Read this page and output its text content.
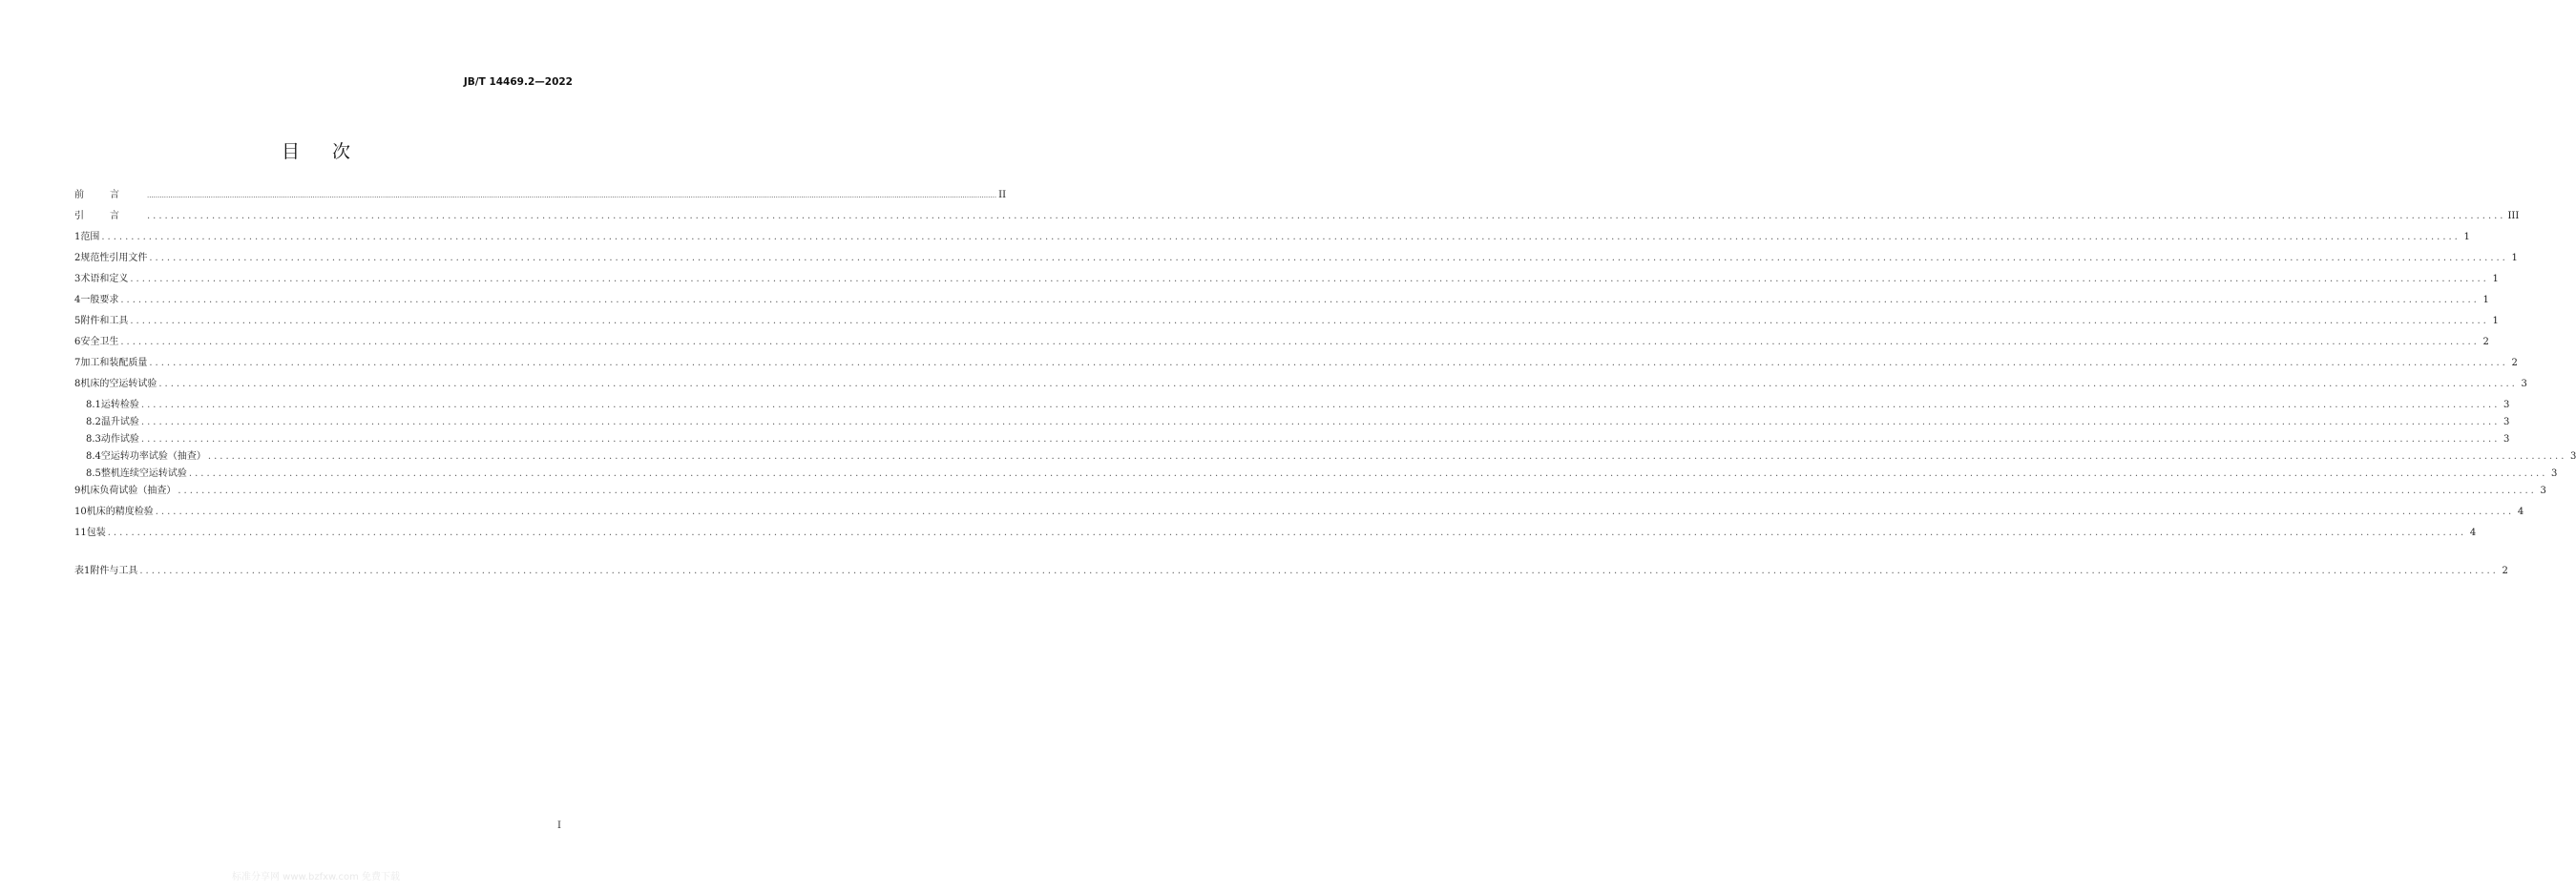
JB/T 14469.2—2022
目次
前言 ................................................................................................................................................................................................................................................................................................................................................................................................................ II
引言 ................................................................................................................................................................................................................................................................................................................................................................................................................ III
1 范围 ................................................................................................................................................................................................................................................................................................................................................................................................................ 1
2 规范性引用文件 ................................................................................................................................................................................................................................................................................................................................................................................................................ 1
3 术语和定义 ................................................................................................................................................................................................................................................................................................................................................................................................................ 1
4 一般要求 ................................................................................................................................................................................................................................................................................................................................................................................................................ 1
5 附件和工具 ................................................................................................................................................................................................................................................................................................................................................................................................................ 1
6 安全卫生 ................................................................................................................................................................................................................................................................................................................................................................................................................ 2
7 加工和装配质量 ................................................................................................................................................................................................................................................................................................................................................................................................................ 2
8 机床的空运转试验 ................................................................................................................................................................................................................................................................................................................................................................................................................ 3
8.1 运转检验 ................................................................................................................................................................................................................................................................................................................................................................................................................ 3
8.2 温升试验 ................................................................................................................................................................................................................................................................................................................................................................................................................ 3
8.3 动作试验 ................................................................................................................................................................................................................................................................................................................................................................................................................ 3
8.4 空运转功率试验（抽查） ................................................................................................................................................................................................................................................................................................................................................................................................................ 3
8.5 整机连续空运转试验 ................................................................................................................................................................................................................................................................................................................................................................................................................ 3
9 机床负荷试验（抽查） ................................................................................................................................................................................................................................................................................................................................................................................................................ 3
10 机床的精度检验 ................................................................................................................................................................................................................................................................................................................................................................................................................ 4
11 包装 ................................................................................................................................................................................................................................................................................................................................................................................................................ 4
表1 附件与工具 ................................................................................................................................................................................................................................................................................................................................................................................................................ 2
I
标准分享网 www.bzfxw.com 免费下载
